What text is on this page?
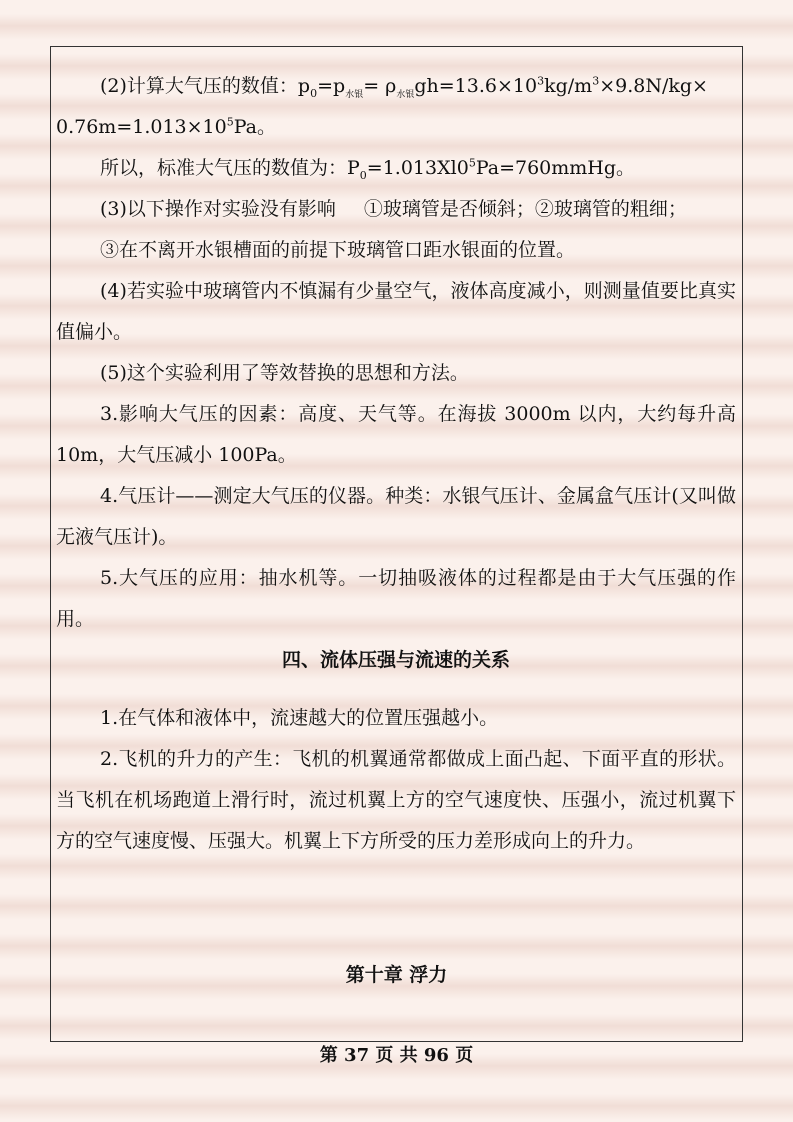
(2)计算大气压的数值：$p_0=p_{水银}= \rho_{水银}gh=13.6\times 10^3kg/m^3\times 9.8N/kg\times$
$0.76m=1.013\times 10^5Pa$。

所以，标准大气压的数值为：$P_0=1.013Xl0^5Pa=760mmHg$。

(3)以下操作对实验没有影响 ①玻璃管是否倾斜；②玻璃管的粗细；

③在不离开水银槽面的前提下玻璃管口距水银面的位置。

(4)若实验中玻璃管内不慎漏有少量空气，液体高度减小，则测量值要比真实值偏小。

(5)这个实验利用了等效替换的思想和方法。

3.影响大气压的因素：高度、天气等。在海拔 3000m 以内，大约每升高 10m，大气压减小 100Pa。

4.气压计——测定大气压的仪器。种类：水银气压计、金属盒气压计(又叫做无液气压计)。

5.大气压的应用：抽水机等。一切抽吸液体的过程都是由于大气压强的作用。

四、流体压强与流速的关系

1.在气体和液体中，流速越大的位置压强越小。

2.飞机的升力的产生：飞机的机翼通常都做成上面凸起、下面平直的形状。当飞机在机场跑道上滑行时，流过机翼上方的空气速度快、压强小，流过机翼下方的空气速度慢、压强大。机翼上下方所受的压力差形成向上的升力。

第十章 浮力
第 37 页 共 96 页
